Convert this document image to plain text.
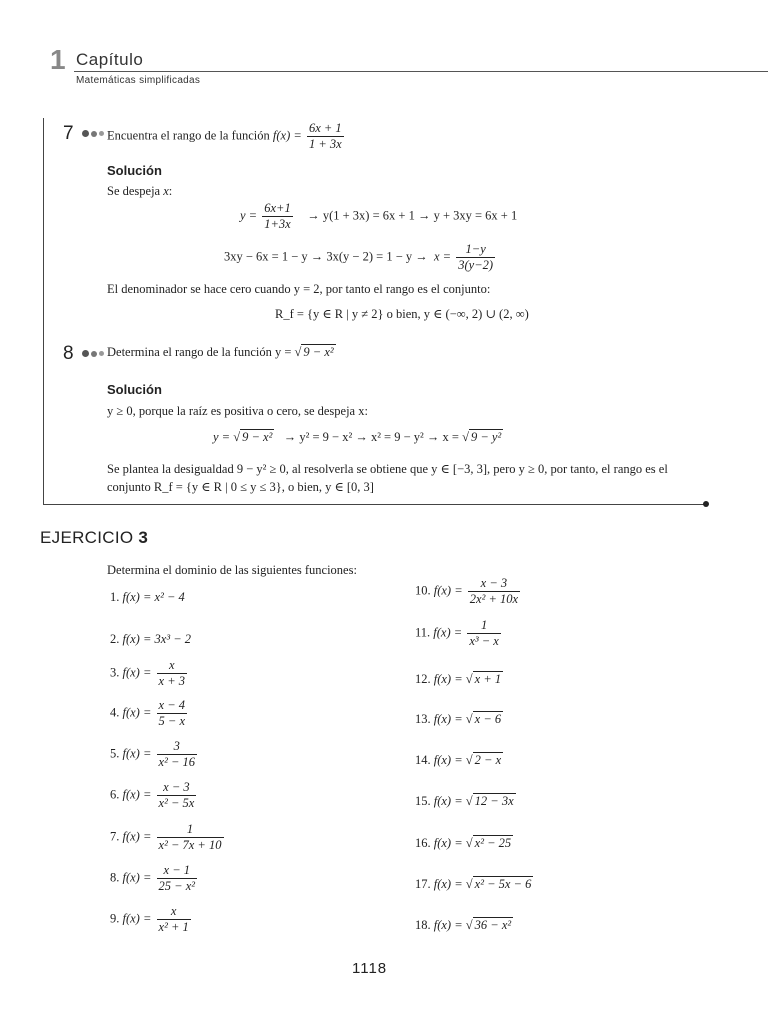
1 Capítulo
Matemáticas simplificadas
7	Encuentra el rango de la función $f(x) = \frac{6x + 1}{1 + 3x}$
Solución
Se despeja x:
$y = \frac{6x+1}{1+3x} \to y(1 + 3x) = 6x + 1 \to y + 3xy = 6x + 1$
$3xy - 6x = 1 - y \to 3x(y - 2) = 1 - y \to x = \frac{1-y}{3(y-2)}$
El denominador se hace cero cuando y = 2, por tanto el rango es el conjunto:
R_f = {y ∈ R | y ≠ 2} o bien, y ∈ (−∞, 2) ∪ (2, ∞)
8	Determina el rango de la función y = √ 9 − x²
Solución
y ≥ 0, porque la raíz es positiva o cero, se despeja x:
y = √ 9 − x² → y² = 9 − x² → x² = 9 − y² → x = √ 9 − y²
Se plantea la desigualdad 9 − y² ≥ 0, al resolverla se obtiene que y ∈ [−3, 3], pero y ≥ 0, por tanto, el rango es el
conjunto R_f = {y ∈ R | 0 ≤ y ≤ 3}, o bien, y ∈ [0, 3]
EJERCICIO 3
Determina el dominio de las siguientes funciones:
1. f(x) = x² − 4
2. f(x) = 3x³ − 2
3. $f(x) = \frac{x}{x + 3}$
4. $f(x) = \frac{x - 4}{5 - x}$
5. $f(x) = \frac{3}{\text{x² − 16}}$
6. $f(x) = \frac{x - 3}{\text{x² − 5x}}$
7. $f(x) = \frac{1}{\text{x² − 7x + 10}}$
8. $f(x) = \frac{x - 1}{\text{25 − x²}}$
9. $f(x) = \frac{x}{\text{x² + 1}}$
10. $f(x) = \frac{x - 3}{\text{2x² + 10x}}$
11. $f(x) = \frac{1}{\text{x³ − x}}$
12. f(x) = √ x + 1
13. f(x) = √ x − 6
14. f(x) = √ 2 − x
15. f(x) = √ 12 − 3x
16. f(x) = √ x² − 25
17. f(x) = √ x² − 5x − 6
18. f(x) = √ 36 − x²
1118
